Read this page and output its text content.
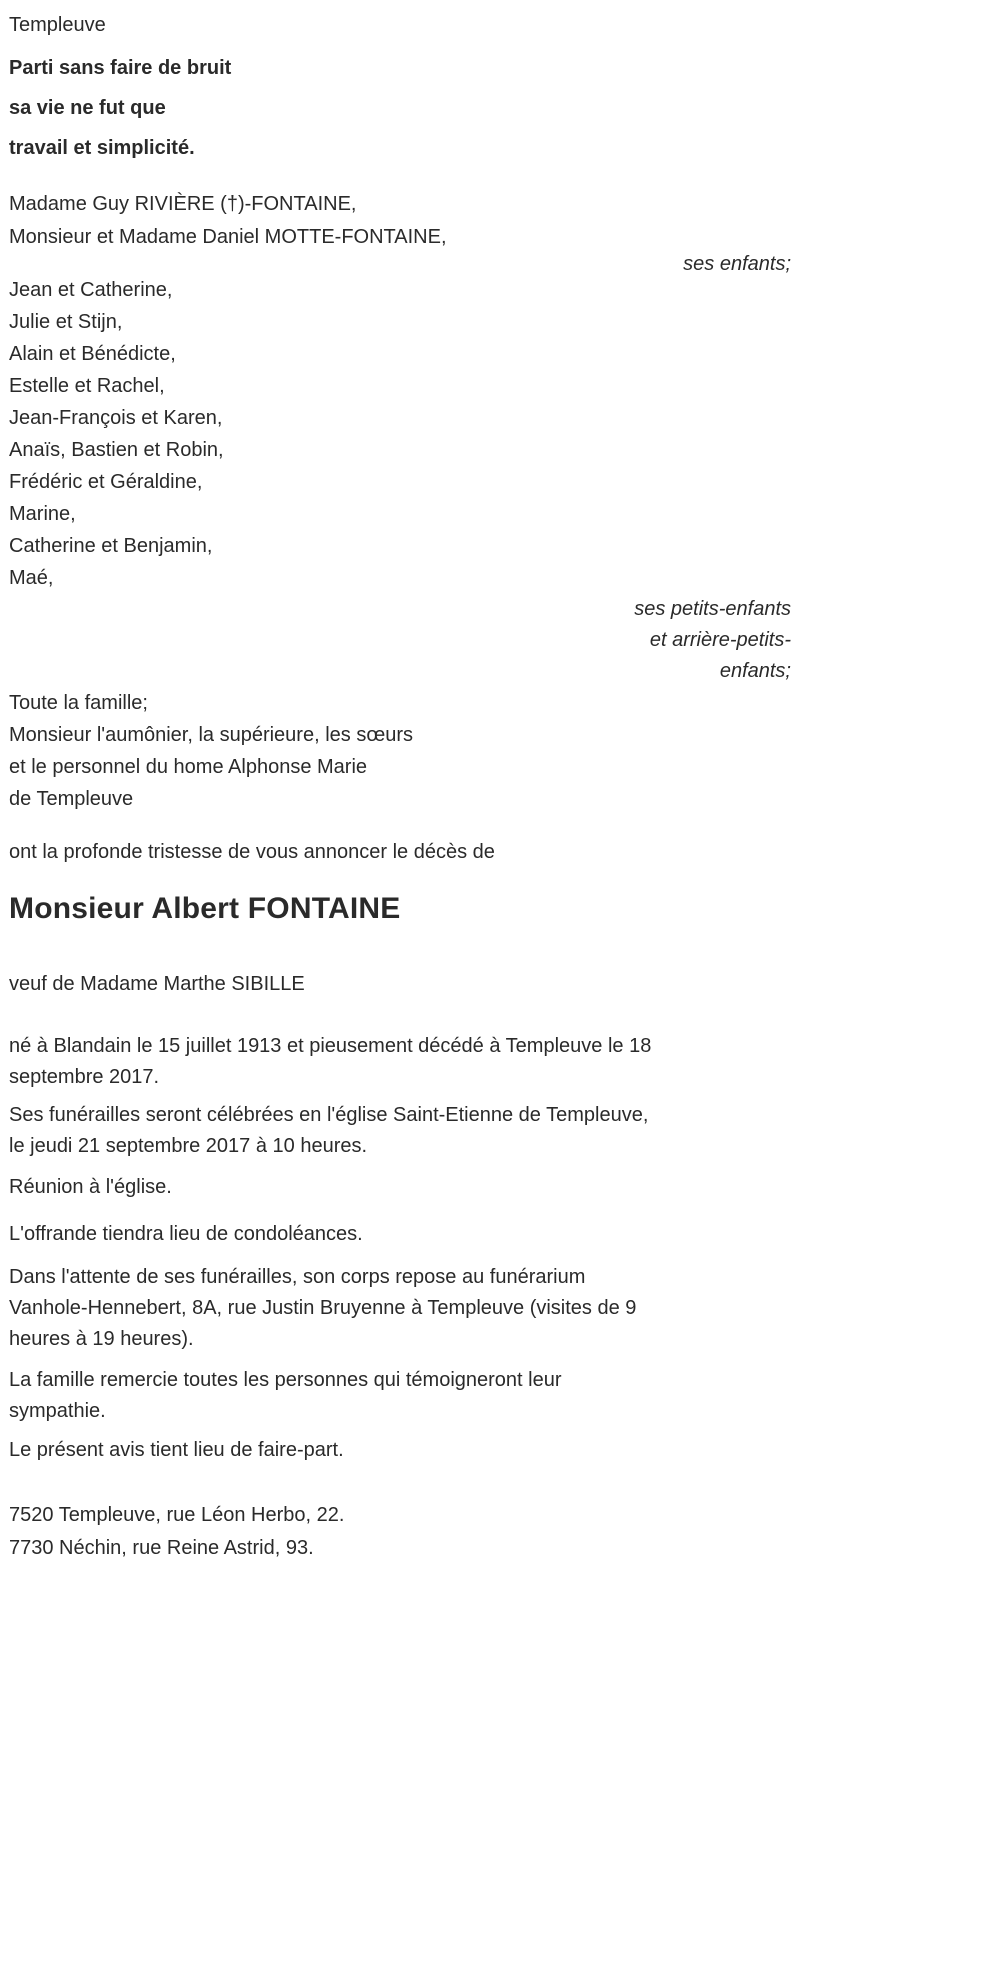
Templeuve
Parti sans faire de bruit
sa vie ne fut que
travail et simplicité.
Madame Guy RIVIÈRE (†)-FONTAINE,
Monsieur et Madame Daniel MOTTE-FONTAINE,
ses enfants;
Jean et Catherine,
Julie et Stijn,
Alain et Bénédicte,
Estelle et Rachel,
Jean-François et Karen,
Anaïs, Bastien et Robin,
Frédéric et Géraldine,
Marine,
Catherine et Benjamin,
Maé,
ses petits-enfants
et arrière-petits-
enfants;
Toute la famille;
Monsieur l'aumônier, la supérieure, les sœurs
et le personnel du home Alphonse Marie
de Templeuve
ont la profonde tristesse de vous annoncer le décès de
Monsieur Albert FONTAINE
veuf de Madame Marthe SIBILLE
né à Blandain le 15 juillet 1913 et pieusement décédé à Templeuve le 18
septembre 2017.
Ses funérailles seront célébrées en l'église Saint-Etienne de Templeuve,
le jeudi 21 septembre 2017 à 10 heures.
Réunion à l'église.
L'offrande tiendra lieu de condoléances.
Dans l'attente de ses funérailles, son corps repose au funérarium
Vanhole-Hennebert, 8A, rue Justin Bruyenne à Templeuve (visites de 9
heures à 19 heures).
La famille remercie toutes les personnes qui témoigneront leur
sympathie.
Le présent avis tient lieu de faire-part.
7520 Templeuve, rue Léon Herbo, 22.
7730 Néchin, rue Reine Astrid, 93.
